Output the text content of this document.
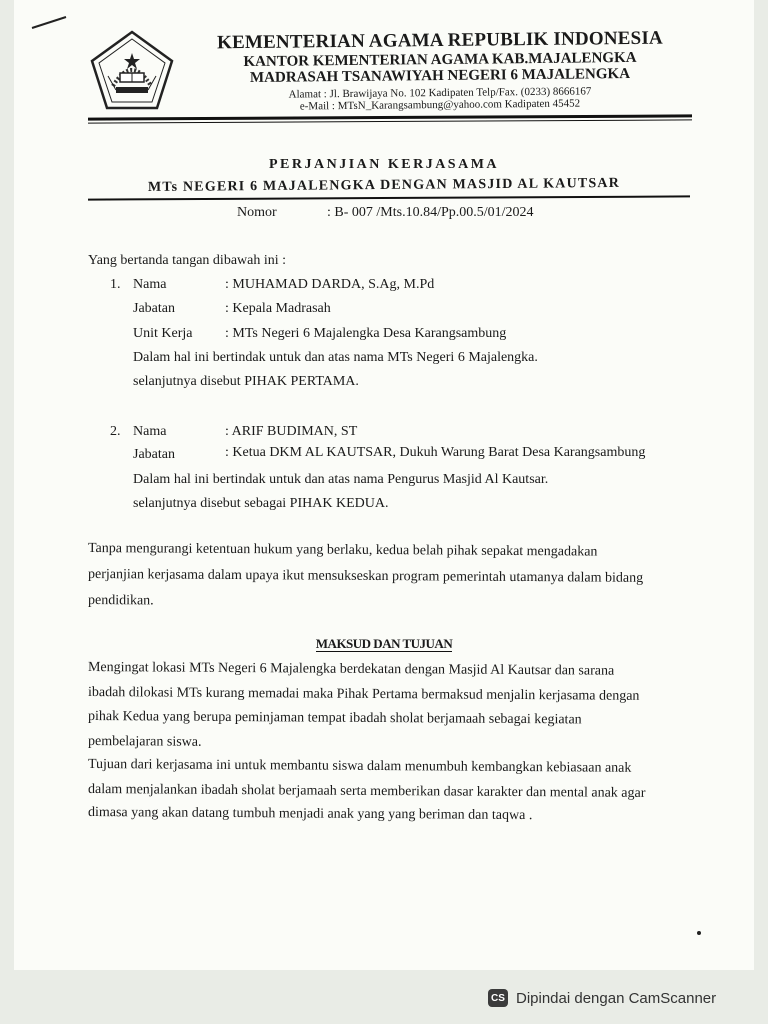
KEMENTERIAN AGAMA REPUBLIK INDONESIA
KANTOR KEMENTERIAN AGAMA KAB.MAJALENGKA
MADRASAH TSANAWIYAH NEGERI 6 MAJALENGKA
Alamat : Jl. Brawijaya No. 102 Kadipaten Telp/Fax. (0233) 8666167
e-Mail : MTsN_Karangsambung@yahoo.com Kadipaten 45452
PERJANJIAN KERJASAMA
MTs NEGERI 6 MAJALENGKA DENGAN MASJID AL KAUTSAR
Nomor	: B- 007 /Mts.10.84/Pp.00.5/01/2024
Yang bertanda tangan dibawah ini :
1. Nama	: MUHAMAD DARDA, S.Ag, M.Pd
Jabatan	: Kepala Madrasah
Unit Kerja : MTs Negeri 6 Majalengka Desa Karangsambung
Dalam hal ini bertindak untuk dan atas nama MTs Negeri 6 Majalengka.
selanjutnya disebut PIHAK PERTAMA.
2. Nama	: ARIF BUDIMAN, ST
Jabatan	: Ketua DKM AL KAUTSAR, Dukuh Warung Barat Desa Karangsambung
Dalam hal ini bertindak untuk dan atas nama Pengurus Masjid Al Kautsar.
selanjutnya disebut sebagai PIHAK KEDUA.
Tanpa mengurangi ketentuan hukum yang berlaku, kedua belah pihak sepakat mengadakan
perjanjian kerjasama dalam upaya ikut mensukseskan program pemerintah utamanya dalam bidang
pendidikan.
MAKSUD DAN TUJUAN
Mengingat lokasi MTs Negeri 6 Majalengka berdekatan dengan Masjid Al Kautsar dan sarana
ibadah dilokasi MTs kurang memadai maka Pihak Pertama bermaksud menjalin kerjasama dengan
pihak Kedua yang berupa peminjaman tempat ibadah sholat berjamaah sebagai kegiatan
pembelajaran siswa.
Tujuan dari kerjasama ini untuk membantu siswa dalam menumbuh kembangkan kebiasaan anak
dalam menjalankan ibadah sholat berjamaah serta memberikan dasar karakter dan mental anak agar
dimasa yang akan datang tumbuh menjadi anak yang yang beriman dan taqwa .
CS Dipindai dengan CamScanner
